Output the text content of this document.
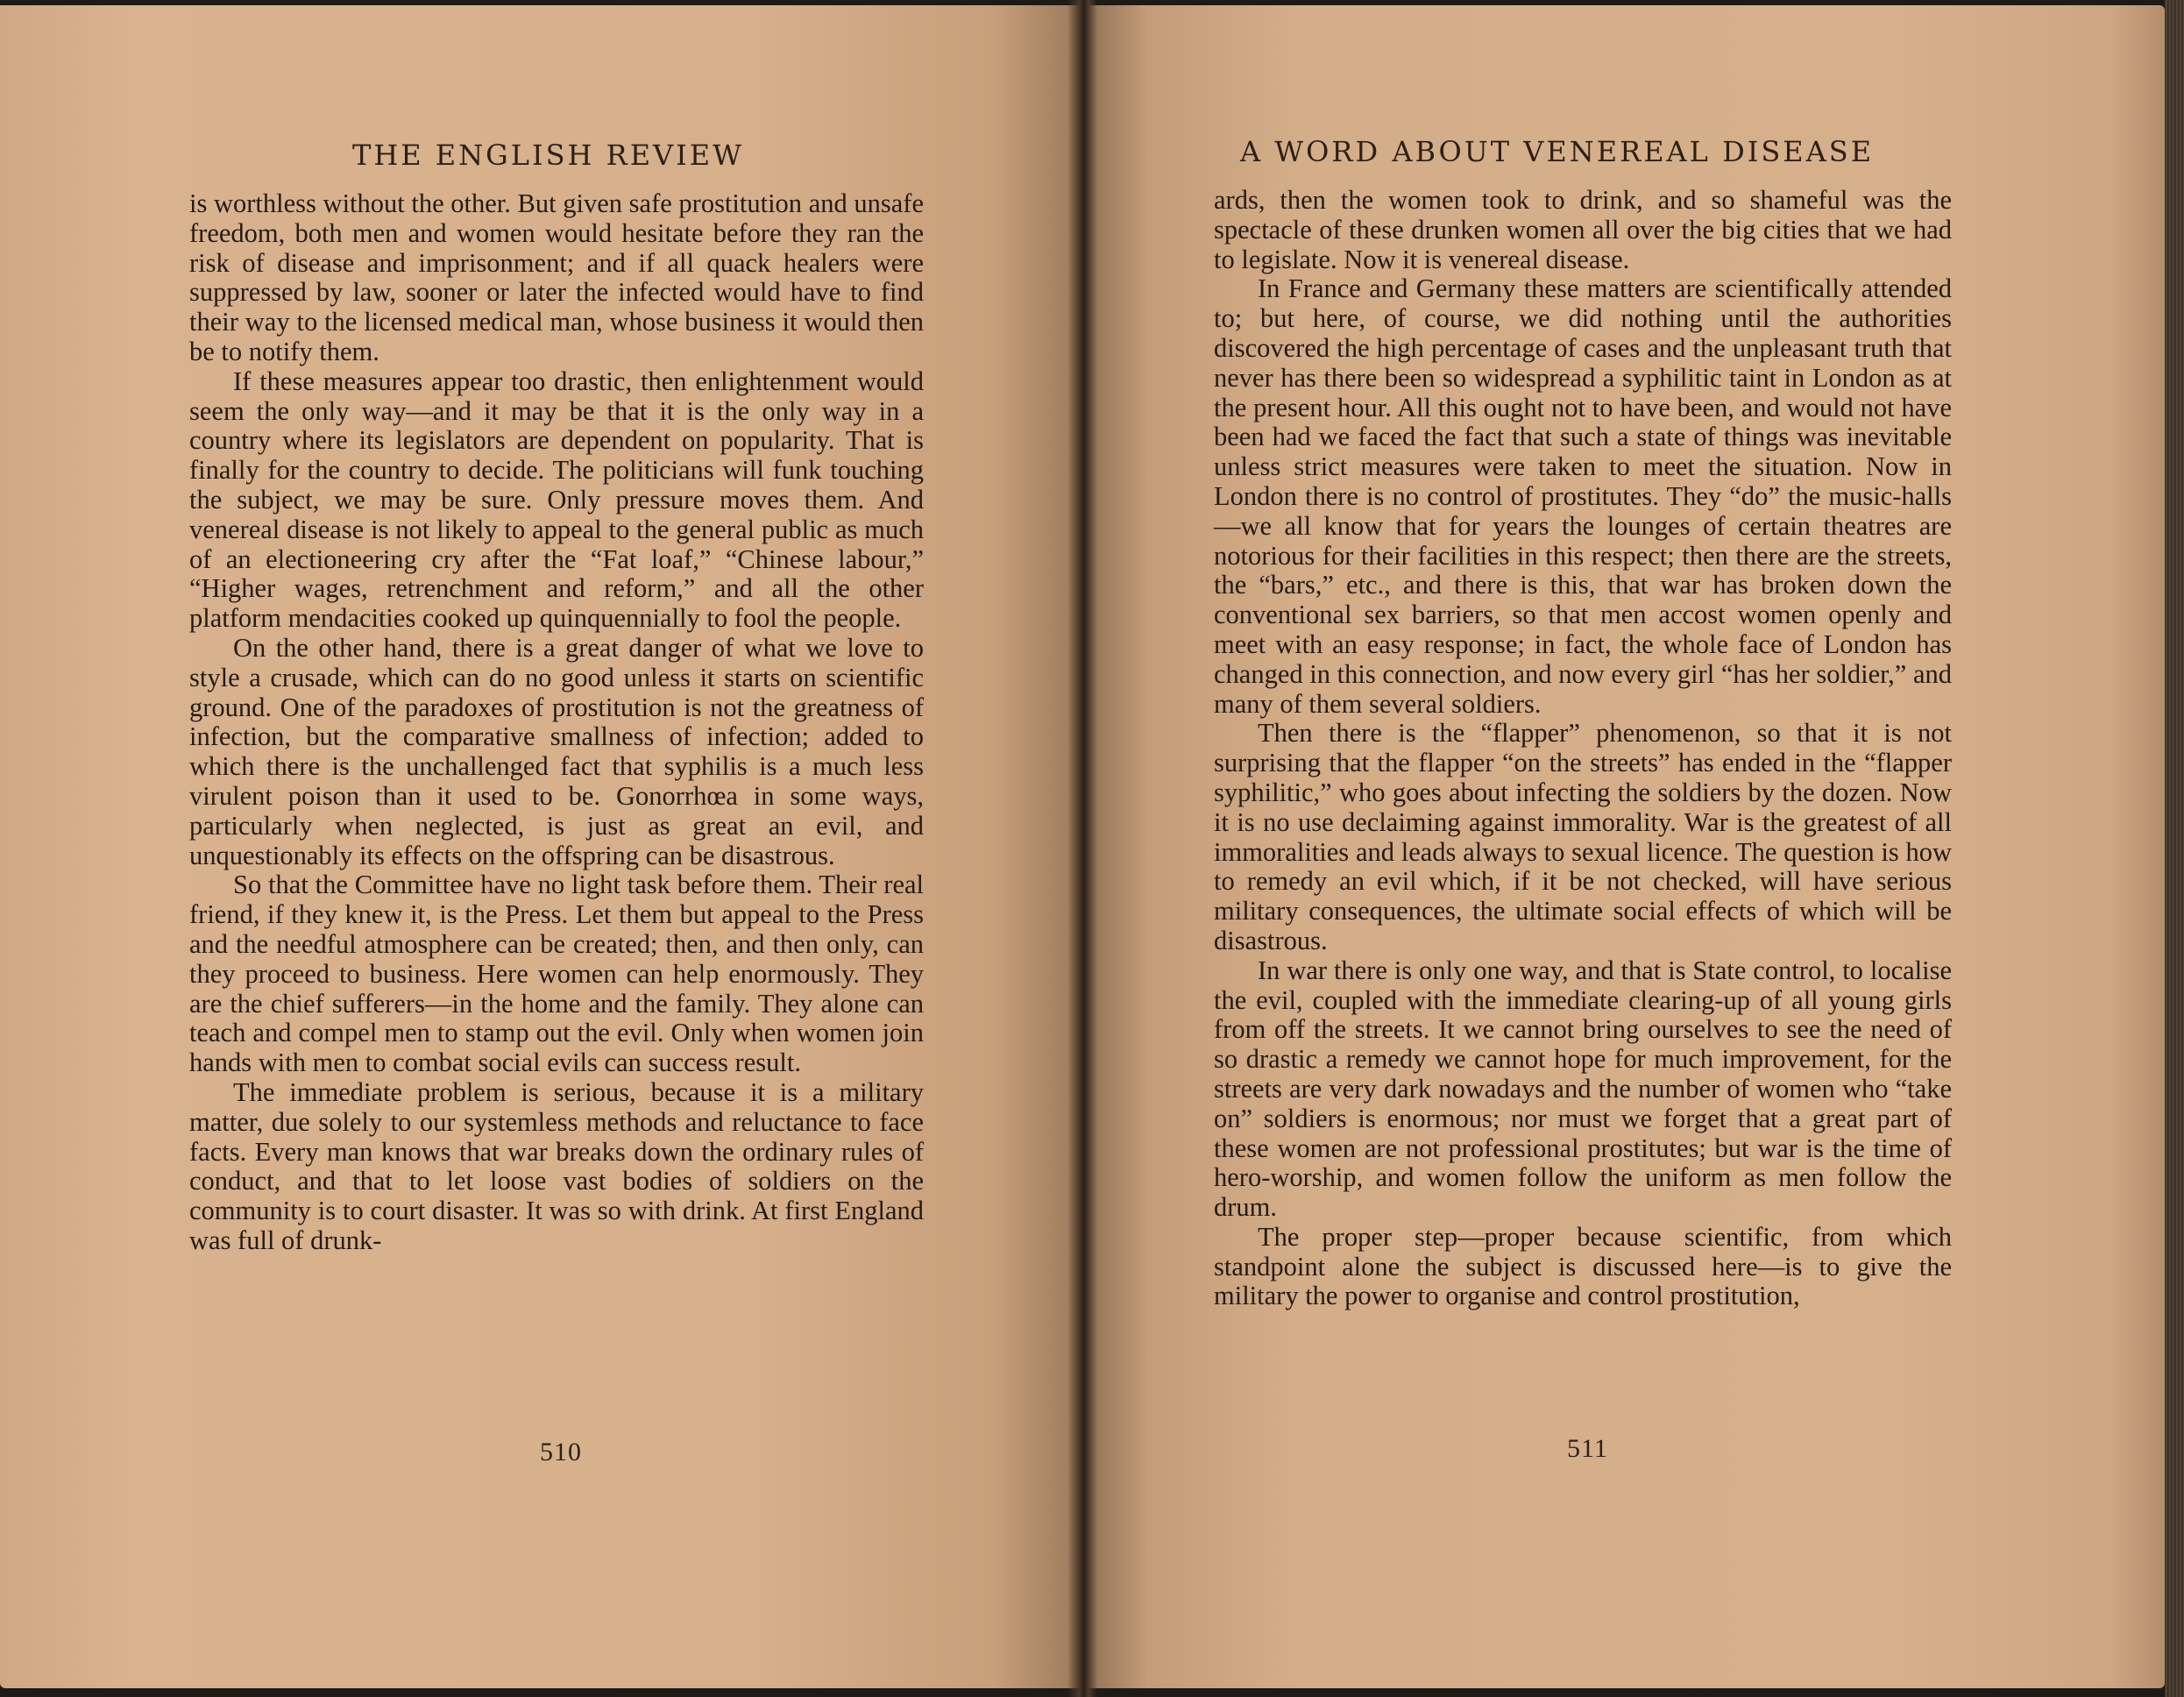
THE ENGLISH REVIEW

is worthless without the other. But given safe prostitution and unsafe freedom, both men and women would hesitate before they ran the risk of disease and imprisonment; and if all quack healers were suppressed by law, sooner or later the infected would have to find their way to the licensed medical man, whose business it would then be to notify them.

If these measures appear too drastic, then enlightenment would seem the only way—and it may be that it is the only way in a country where its legislators are dependent on popularity. That is finally for the country to decide. The politicians will funk touching the subject, we may be sure. Only pressure moves them. And venereal disease is not likely to appeal to the general public as much of an electioneering cry after the “Fat loaf,” “Chinese labour,” “Higher wages, retrenchment and reform,” and all the other platform mendacities cooked up quinquennially to fool the people.

On the other hand, there is a great danger of what we love to style a crusade, which can do no good unless it starts on scientific ground. One of the paradoxes of prostitution is not the greatness of infection, but the comparative smallness of infection; added to which there is the unchallenged fact that syphilis is a much less virulent poison than it used to be. Gonorrhœa in some ways, particularly when neglected, is just as great an evil, and unquestionably its effects on the offspring can be disastrous.

So that the Committee have no light task before them. Their real friend, if they knew it, is the Press. Let them but appeal to the Press and the needful atmosphere can be created; then, and then only, can they proceed to business. Here women can help enormously. They are the chief sufferers—in the home and the family. They alone can teach and compel men to stamp out the evil. Only when women join hands with men to combat social evils can success result.

The immediate problem is serious, because it is a military matter, due solely to our systemless methods and reluctance to face facts. Every man knows that war breaks down the ordinary rules of conduct, and that to let loose vast bodies of soldiers on the community is to court disaster. It was so with drink. At first England was full of drunk-

510
A WORD ABOUT VENEREAL DISEASE

ards, then the women took to drink, and so shameful was the spectacle of these drunken women all over the big cities that we had to legislate. Now it is venereal disease.

In France and Germany these matters are scientifically attended to; but here, of course, we did nothing until the authorities discovered the high percentage of cases and the unpleasant truth that never has there been so widespread a syphilitic taint in London as at the present hour. All this ought not to have been, and would not have been had we faced the fact that such a state of things was inevitable unless strict measures were taken to meet the situation. Now in London there is no control of prostitutes. They “do” the music-halls—we all know that for years the lounges of certain theatres are notorious for their facilities in this respect; then there are the streets, the “bars,” etc., and there is this, that war has broken down the conventional sex barriers, so that men accost women openly and meet with an easy response; in fact, the whole face of London has changed in this connection, and now every girl “has her soldier,” and many of them several soldiers.

Then there is the “flapper” phenomenon, so that it is not surprising that the flapper “on the streets” has ended in the “flapper syphilitic,” who goes about infecting the soldiers by the dozen. Now it is no use declaiming against immorality. War is the greatest of all immoralities and leads always to sexual licence. The question is how to remedy an evil which, if it be not checked, will have serious military consequences, the ultimate social effects of which will be disastrous.

In war there is only one way, and that is State control, to localise the evil, coupled with the immediate clearing-up of all young girls from off the streets. It we cannot bring ourselves to see the need of so drastic a remedy we cannot hope for much improvement, for the streets are very dark nowadays and the number of women who “take on” soldiers is enormous; nor must we forget that a great part of these women are not professional prostitutes; but war is the time of hero-worship, and women follow the uniform as men follow the drum.

The proper step—proper because scientific, from which standpoint alone the subject is discussed here—is to give the military the power to organise and control prostitution,

511
